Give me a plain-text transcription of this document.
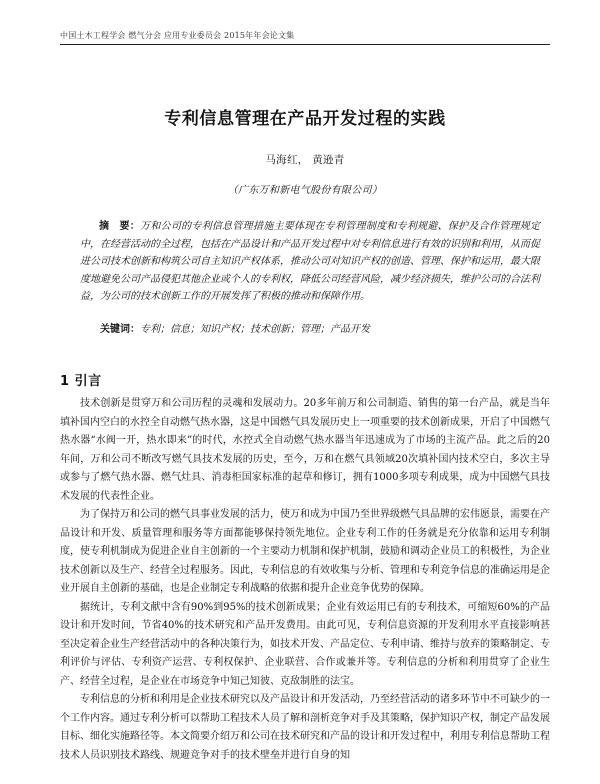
中国土木工程学会 燃气分会 应用专业委员会 2015年年会论文集
专利信息管理在产品开发过程的实践
马海红， 黄逊青
（广东万和新电气股份有限公司）
摘　要：万和公司的专利信息管理措施主要体现在专利管理制度和专利规避、保护及合作管理规定中，在经营活动的全过程，包括在产品设计和产品开发过程中对专利信息进行有效的识别和利用，从而促进公司技术创新和构筑公司自主知识产权体系，推动公司对知识产权的创造、管理、保护和运用，最大限度地避免公司产品侵犯其他企业或个人的专利权，降低公司经营风险，减少经济损失，维护公司的合法利益，为公司的技术创新工作的开展发挥了积极的推动和保障作用。
关键词：专利；信息；知识产权；技术创新；管理；产品开发
1 引言

技术创新是贯穿万和公司历程的灵魂和发展动力。20多年前万和公司制造、销售的第一台产品，就是当年填补国内空白的水控全自动燃气热水器，这是中国燃气具发展历史上一项重要的技术创新成果，开启了中国燃气热水器“水阀一开，热水即来”的时代，水控式全自动燃气热水器当年迅速成为了市场的主流产品。此之后的20年间，万和公司不断改写燃气具技术发展的历史，至今，万和在燃气具领域20次填补国内技术空白，多次主导或参与了燃气热水器、燃气灶具、消毒柜国家标准的起草和修订，拥有1000多项专利成果，成为中国燃气具技术发展的代表性企业。

为了保持万和公司的燃气具事业发展的活力，使万和成为中国乃至世界级燃气具品牌的宏伟愿景，需要在产品设计和开发、质量管理和服务等方面都能够保持领先地位。企业专利工作的任务就是充分依靠和运用专利制度，使专利机制成为促进企业自主创新的一个主要动力机制和保护机制，鼓励和调动企业员工的积极性，为企业技术创新以及生产、经营全过程服务。因此，专利信息的有效收集与分析、管理和专利竞争信息的准确运用是企业开展自主创新的基础，也是企业制定专利战略的依据和提升企业竞争优势的保障。

据统计，专利文献中含有90%到95%的技术创新成果；企业有效运用已有的专利技术，可缩短60%的产品设计和开发时间，节省40%的技术研究和产品开发费用。由此可见，专利信息资源的开发利用水平直接影响甚至决定着企业生产经营活动中的各种决策行为，如技术开发、产品定位、专利申请、维持与放弃的策略制定、专利评价与评估、专利资产运营、专利权保护、企业联营、合作或兼并等。专利信息的分析和利用贯穿了企业生产、经营全过程，是企业在市场竞争中知己知彼、克敌制胜的法宝。

专利信息的分析和利用是企业技术研究以及产品设计和开发活动，乃至经营活动的诸多环节中不可缺少的一个工作内容。通过专利分析可以帮助工程技术人员了解和剖析竞争对手及其策略，保护知识产权，制定产品发展目标、细化实施路径等。本文简要介绍万和公司在技术研究和产品的设计和开发过程中，利用专利信息帮助工程技术人员识别技术路线、规避竞争对手的技术壁垒并进行自身的知
